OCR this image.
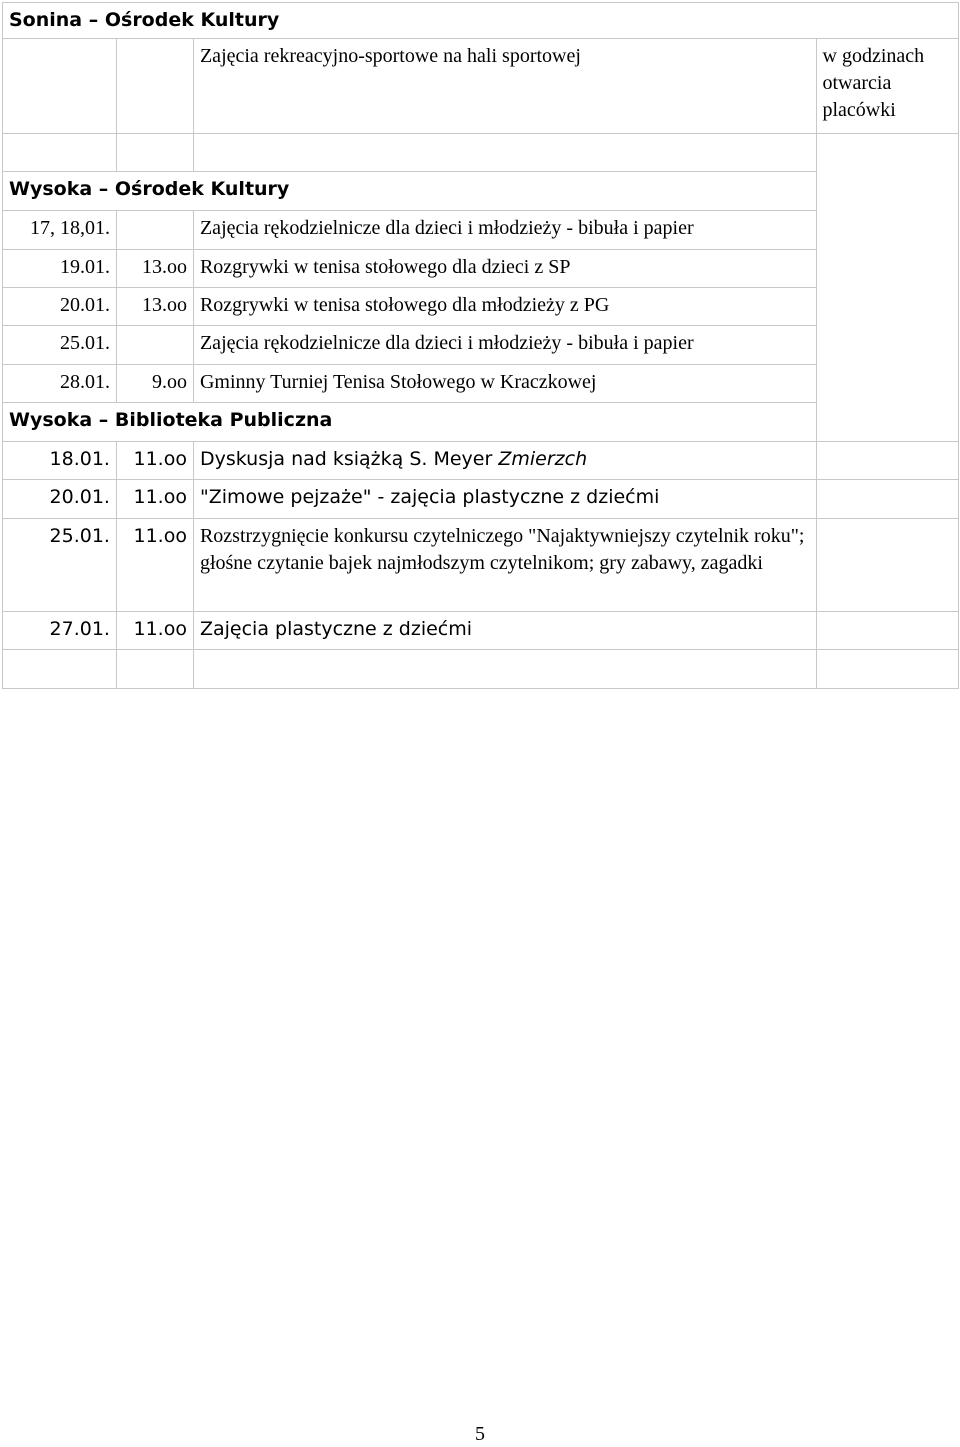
Sonina – Ośrodek Kultury			
		Zajęcia rekreacyjno-sportowe na hali sportowej	w godzinach otwarcia placówki

Wysoka – Ośrodek Kultury			
17, 18,01.		Zajęcia rękodzielnicze dla dzieci i młodzieży - bibuła i papier	
19.01.	13.oo	Rozgrywki w tenisa stołowego dla dzieci z SP	
20.01.	13.oo	Rozgrywki w tenisa stołowego dla młodzieży z PG	
25.01.		Zajęcia rękodzielnicze dla dzieci i młodzieży - bibuła i papier	
28.01.	9.oo	Gminny Turniej Tenisa Stołowego w Kraczkowej	
Wysoka – Biblioteka Publiczna			
18.01.	11.oo	Dyskusja nad książką S. Meyer Zmierzch	
20.01.	11.oo	"Zimowe pejzaże" - zajęcia plastyczne z dziećmi	
25.01.	11.oo	Rozstrzygnięcie konkursu czytelniczego "Najaktywniejszy czytelnik roku"; głośne czytanie bajek najmłodszym czytelnikom; gry zabawy, zagadki	
27.01.	11.oo	Zajęcia plastyczne z dziećmi	

5
